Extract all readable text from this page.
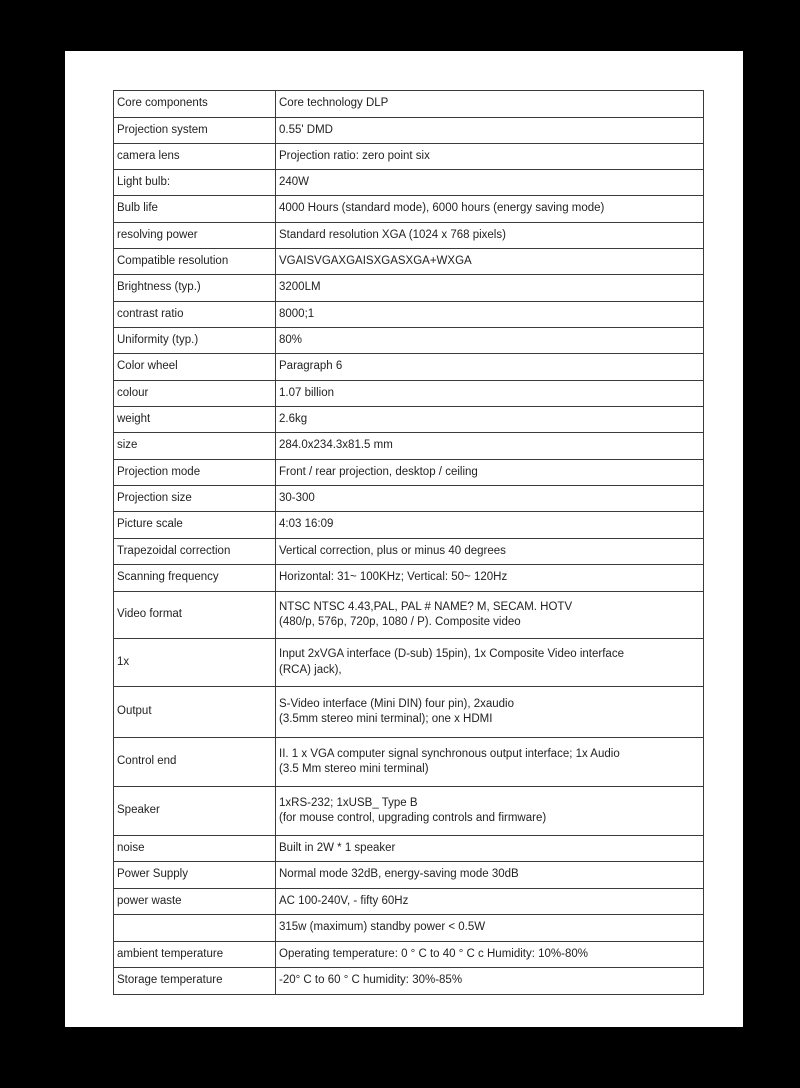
Core components	Core technology DLP
Projection system	0.55' DMD
camera lens	Projection ratio: zero point six
Light bulb:	240W
Bulb life	4000 Hours (standard mode), 6000 hours (energy saving mode)
resolving power	Standard resolution XGA (1024 x 768 pixels)
Compatible resolution	VGAISVGAXGAISXGASXGA+WXGA
Brightness (typ.)	3200LM
contrast ratio	8000;1
Uniformity (typ.)	80%
Color wheel	Paragraph 6
colour	1.07 billion
weight	2.6kg
size	284.0x234.3x81.5 mm
Projection mode	Front / rear projection, desktop / ceiling
Projection size	30-300
Picture scale	4:03 16:09
Trapezoidal correction	Vertical correction, plus or minus 40 degrees
Scanning frequency	Horizontal: 31~ 100KHz; Vertical: 50~ 120Hz
Video format	NTSC NTSC 4.43,PAL, PAL # NAME? M, SECAM. HOTV
(480/p, 576p, 720p, 1080 / P). Composite video
1x	Input 2xVGA interface (D-sub) 15pin), 1x Composite Video interface
(RCA) jack),
Output	S-Video interface (Mini DIN) four pin), 2xaudio
(3.5mm stereo mini terminal); one x HDMI
Control end	II. 1 x VGA computer signal synchronous output interface; 1x Audio
(3.5 Mm stereo mini terminal)
Speaker	1xRS-232; 1xUSB_ Type B
(for mouse control, upgrading controls and firmware)
noise	Built in 2W * 1 speaker
Power Supply	Normal mode 32dB, energy-saving mode 30dB
power waste	AC 100-240V, - fifty 60Hz
	315w (maximum) standby power < 0.5W
ambient temperature	Operating temperature: 0 ° C to 40 ° C c Humidity: 10%-80%
Storage temperature	-20° C to 60 ° C humidity: 30%-85%
